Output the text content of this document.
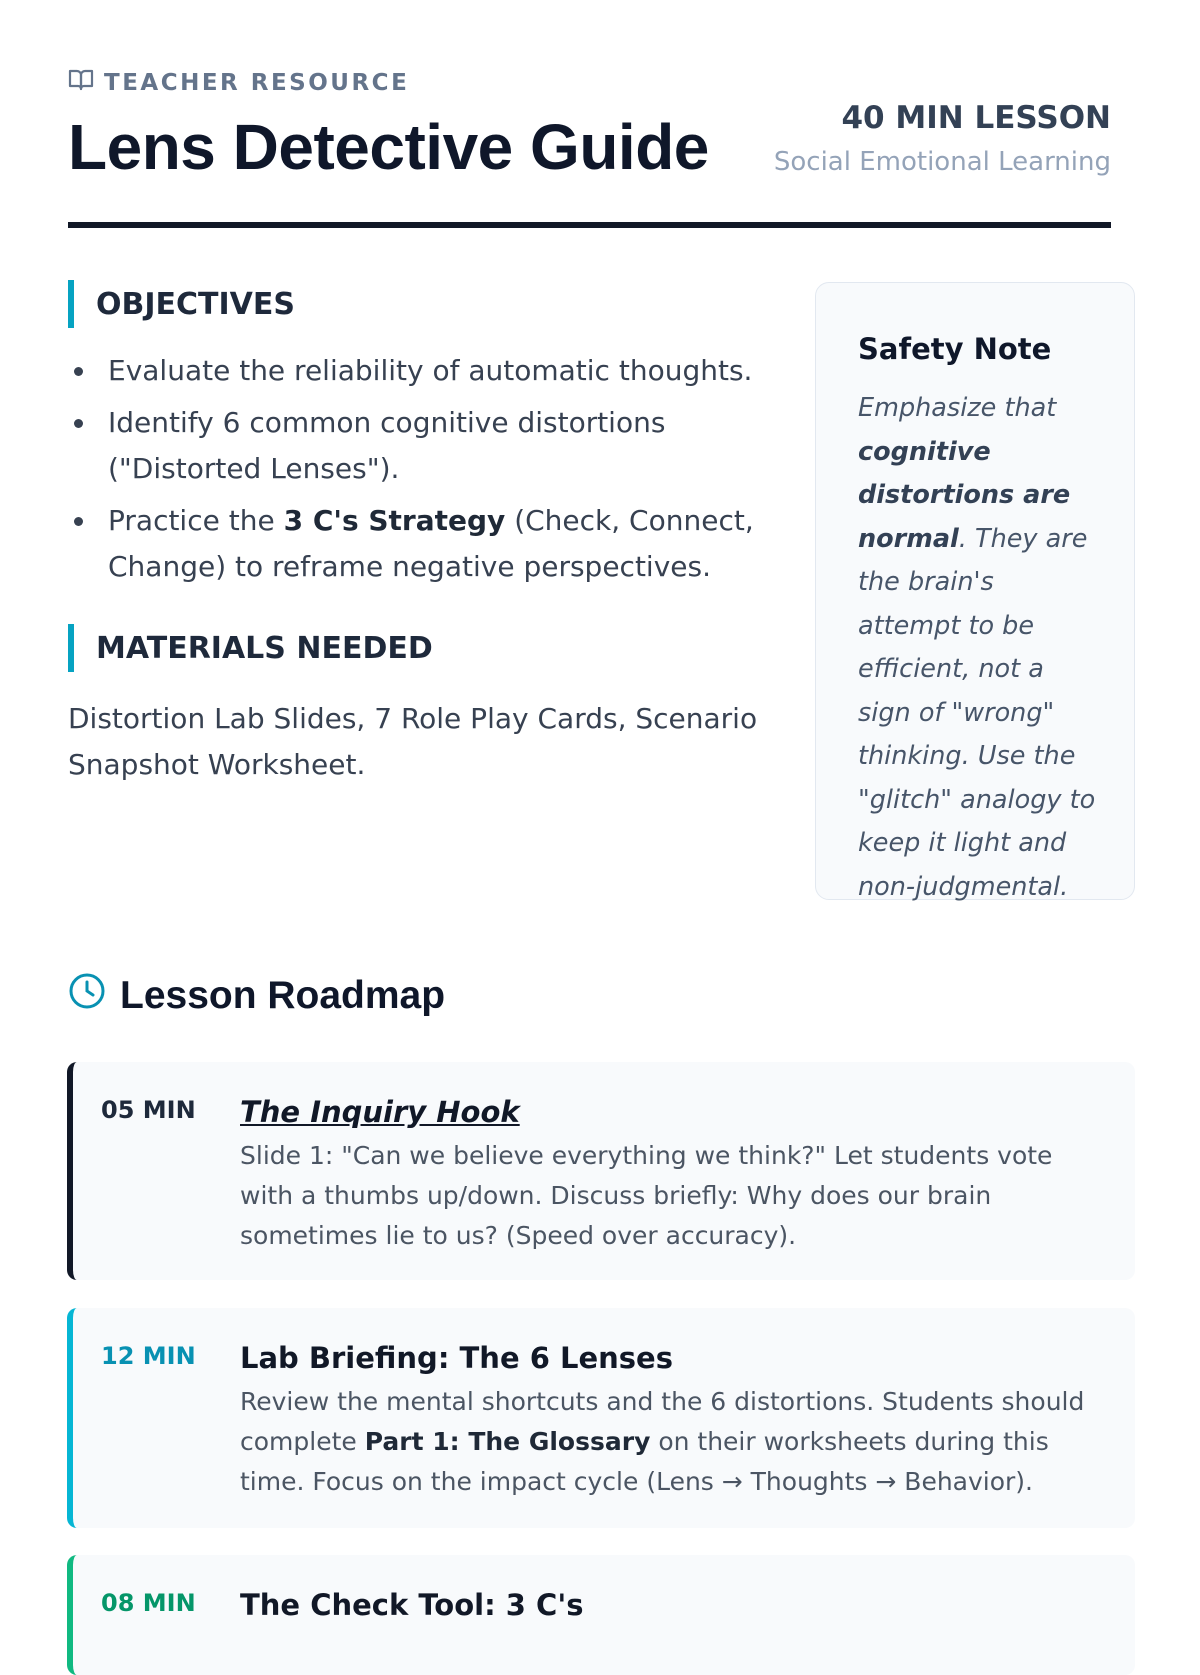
TEACHER RESOURCE
Lens Detective Guide	40 MIN LESSON
Social Emotional Learning
OBJECTIVES
Evaluate the reliability of automatic thoughts.
Identify 6 common cognitive distortions ("Distorted Lenses").
Practice the 3 C's Strategy (Check, Connect, Change) to reframe negative perspectives.
MATERIALS NEEDED

Distortion Lab Slides, 7 Role Play Cards, Scenario Snapshot Worksheet.

Safety Note

Emphasize that cognitive distortions are normal. They are the brain's attempt to be efficient, not a sign of "wrong" thinking. Use the "glitch" analogy to keep it light and non-judgmental.

Lesson Roadmap
05 MIN The Inquiry Hook

Slide 1: "Can we believe everything we think?" Let students vote with a thumbs up/down. Discuss briefly: Why does our brain sometimes lie to us? (Speed over accuracy).

12 MIN Lab Briefing: The 6 Lenses

Review the mental shortcuts and the 6 distortions. Students should complete Part 1: The Glossary on their worksheets during this time. Focus on the impact cycle (Lens → Thoughts → Behavior).

08 MIN The Check Tool: 3 C's
